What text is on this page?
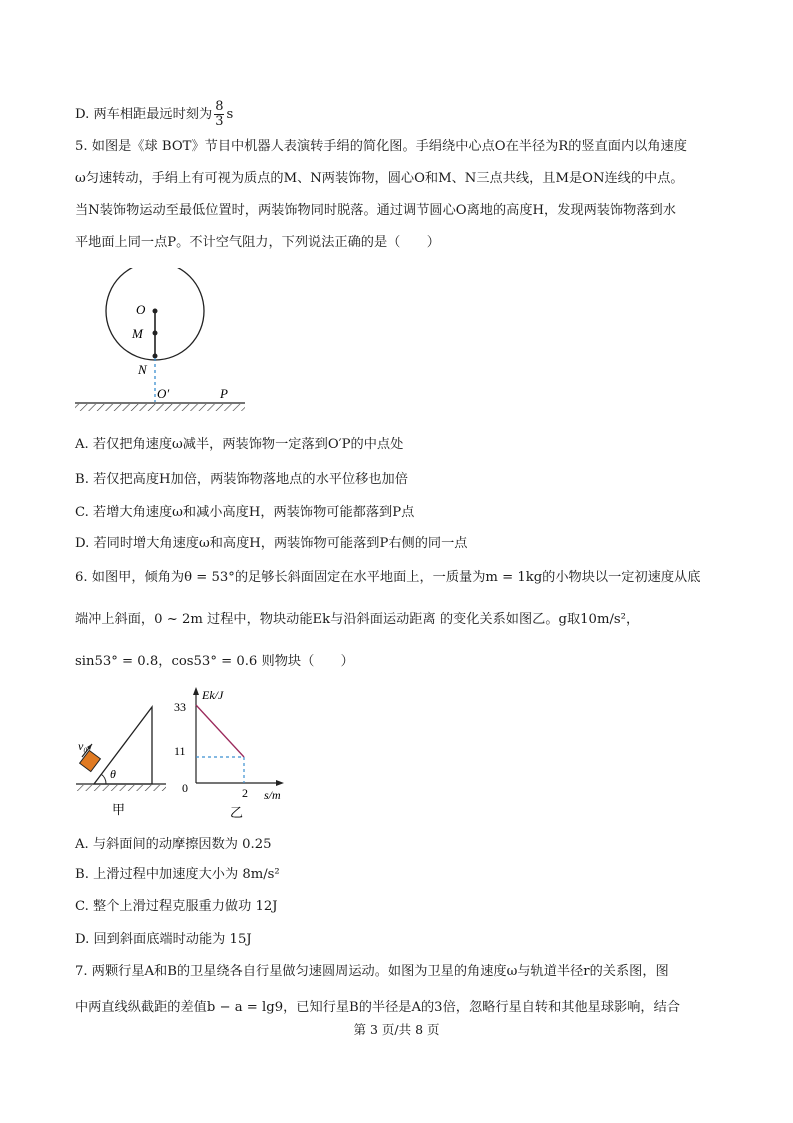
D. 两车相距最远时刻为 $\frac{8}{3}$ s
5. 如图是《球 BOT》节目中机器人表演转手绢的简化图。手绢绕中心点O在半径为R的竖直面内以角速度
ω匀速转动，手绢上有可视为质点的M、N两装饰物，圆心O和M、N三点共线，且M是ON连线的中点。
当N装饰物运动至最低位置时，两装饰物同时脱落。通过调节圆心O离地的高度H，发现两装饰物落到水
平地面上同一点P。不计空气阻力，下列说法正确的是（　　）
O
M
N
O′	P
A. 若仅把角速度ω减半，两装饰物一定落到O′P的中点处
B. 若仅把高度H加倍，两装饰物落地点的水平位移也加倍
C. 若增大角速度ω和减小高度H，两装饰物可能都落到P点
D. 若同时增大角速度ω和高度H，两装饰物可能落到P右侧的同一点
6. 如图甲，倾角为θ = 53°的足够长斜面固定在水平地面上，一质量为m = 1kg的小物块以一定初速度从底
端冲上斜面，0 ~ 2m 过程中，物块动能Ek与沿斜面运动距离 的变化关系如图乙。g取10m/s²，
sin53° = 0.8，cos53° = 0.6 则物块（　　）
v₀
θ
甲
Ek/J
33
11
0	2 s/m
乙
A. 与斜面间的动摩擦因数为 0.25
B. 上滑过程中加速度大小为 8m/s²
C. 整个上滑过程克服重力做功 12J
D. 回到斜面底端时动能为 15J
7. 两颗行星A和B的卫星绕各自行星做匀速圆周运动。如图为卫星的角速度ω与轨道半径r的关系图，图
中两直线纵截距的差值b − a = lg9，已知行星B的半径是A的3倍，忽略行星自转和其他星球影响，结合
第 3 页/共 8 页
